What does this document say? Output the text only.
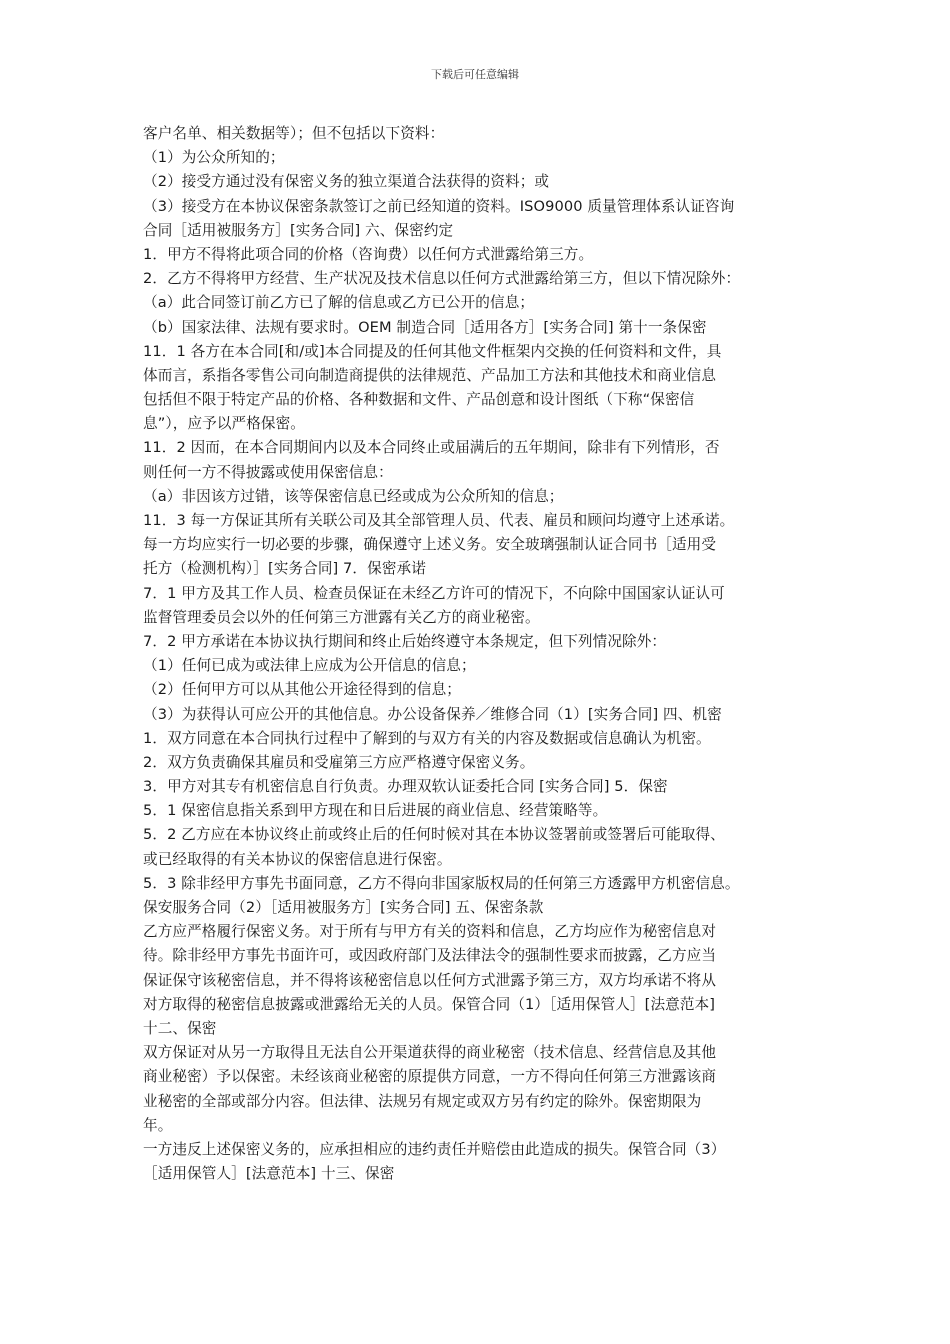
下载后可任意编辑
客户名单、相关数据等）；但不包括以下资料：
（1）为公众所知的；
（2）接受方通过没有保密义务的独立渠道合法获得的资料；或
（3）接受方在本协议保密条款签订之前已经知道的资料。ISO9000 质量管理体系认证咨询
合同［适用被服务方］[实务合同] 六、保密约定
1．甲方不得将此项合同的价格（咨询费）以任何方式泄露给第三方。
2．乙方不得将甲方经营、生产状况及技术信息以任何方式泄露给第三方，但以下情况除外：
（a）此合同签订前乙方已了解的信息或乙方已公开的信息；
（b）国家法律、法规有要求时。OEM 制造合同［适用各方］[实务合同] 第十一条保密
11．1 各方在本合同[和/或]本合同提及的任何其他文件框架内交换的任何资料和文件，具
体而言，系指各零售公司向制造商提供的法律规范、产品加工方法和其他技术和商业信息
包括但不限于特定产品的价格、各种数据和文件、产品创意和设计图纸（下称“保密信
息”），应予以严格保密。
11．2 因而，在本合同期间内以及本合同终止或届满后的五年期间，除非有下列情形，否
则任何一方不得披露或使用保密信息：
（a）非因该方过错，该等保密信息已经或成为公众所知的信息；
11．3 每一方保证其所有关联公司及其全部管理人员、代表、雇员和顾问均遵守上述承诺。
每一方均应实行一切必要的步骤，确保遵守上述义务。安全玻璃强制认证合同书［适用受
托方（检测机构）］[实务合同] 7．保密承诺
7．1 甲方及其工作人员、检查员保证在未经乙方许可的情况下，不向除中国国家认证认可
监督管理委员会以外的任何第三方泄露有关乙方的商业秘密。
7．2 甲方承诺在本协议执行期间和终止后始终遵守本条规定，但下列情况除外：
（1）任何已成为或法律上应成为公开信息的信息；
（2）任何甲方可以从其他公开途径得到的信息；
（3）为获得认可应公开的其他信息。办公设备保养／维修合同（1）[实务合同] 四、机密
1．双方同意在本合同执行过程中了解到的与双方有关的内容及数据或信息确认为机密。
2．双方负责确保其雇员和受雇第三方应严格遵守保密义务。
3．甲方对其专有机密信息自行负责。办理双软认证委托合同 [实务合同] 5．保密
5．1 保密信息指关系到甲方现在和日后进展的商业信息、经营策略等。
5．2 乙方应在本协议终止前或终止后的任何时候对其在本协议签署前或签署后可能取得、
或已经取得的有关本协议的保密信息进行保密。
5．3 除非经甲方事先书面同意，乙方不得向非国家版权局的任何第三方透露甲方机密信息。
保安服务合同（2）［适用被服务方］[实务合同] 五、保密条款
乙方应严格履行保密义务。对于所有与甲方有关的资料和信息，乙方均应作为秘密信息对
待。除非经甲方事先书面许可，或因政府部门及法律法令的强制性要求而披露，乙方应当
保证保守该秘密信息，并不得将该秘密信息以任何方式泄露予第三方，双方均承诺不将从
对方取得的秘密信息披露或泄露给无关的人员。保管合同（1）［适用保管人］[法意范本]
十二、保密
双方保证对从另一方取得且无法自公开渠道获得的商业秘密（技术信息、经营信息及其他
商业秘密）予以保密。未经该商业秘密的原提供方同意，一方不得向任何第三方泄露该商
业秘密的全部或部分内容。但法律、法规另有规定或双方另有约定的除外。保密期限为
年。
一方违反上述保密义务的，应承担相应的违约责任并赔偿由此造成的损失。保管合同（3）
［适用保管人］[法意范本] 十三、保密
